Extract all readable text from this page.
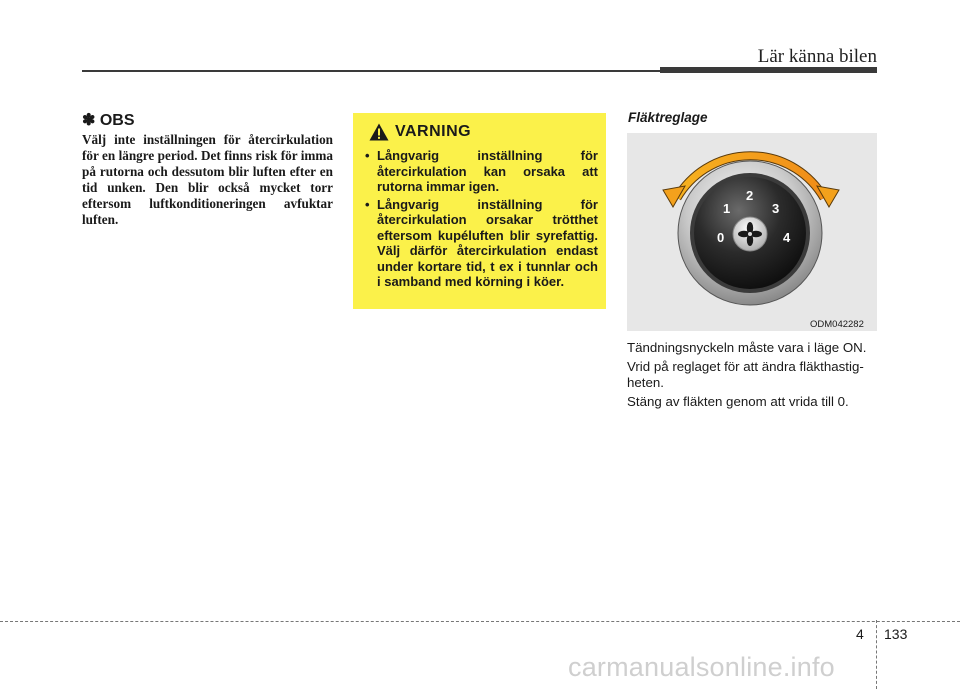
Lär känna bilen
✽ OBS

Välj inte inställningen för återcirkulation för en längre period. Det finns risk för imma på rutorna och dessutom blir luften efter en tid unken. Den blir också mycket torr eftersom luftkonditioneringen avfuktar luften.

VARNING
• Långvarig inställning för återcirkulation kan orsaka att rutorna immar igen.
• Långvarig inställning för återcirkulation orsakar trötthet eftersom kupéluften blir syrefattig. Välj därför återcirkulation endast under kortare tid, t ex i tunnlar och i samband med körning i köer.
Fläktreglage
0
1
2
3
4
ODM042282

Tändningsnyckeln måste vara i läge ON.

Vrid på reglaget för att ändra fläkthastig-heten.

Stäng av fläkten genom att vrida till 0.

4 133
carmanualsonline.info
